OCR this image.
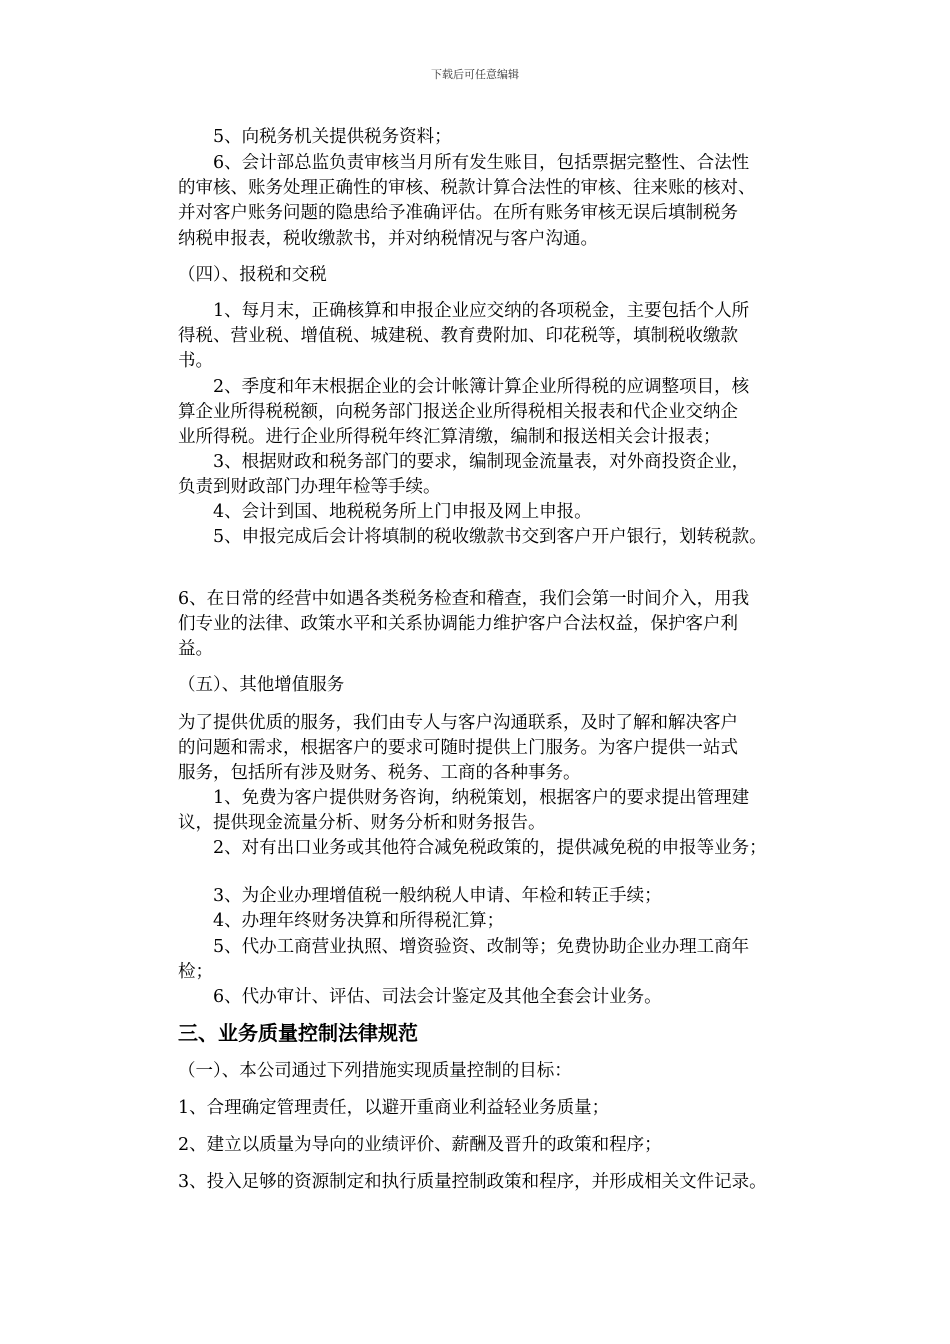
下载后可任意编辑
5、向税务机关提供税务资料；
6、会计部总监负责审核当月所有发生账目，包括票据完整性、合法性
的审核、账务处理正确性的审核、税款计算合法性的审核、往来账的核对、
并对客户账务问题的隐患给予准确评估。在所有账务审核无误后填制税务
纳税申报表，税收缴款书，并对纳税情况与客户沟通。
（四）、报税和交税
1、每月末，正确核算和申报企业应交纳的各项税金，主要包括个人所
得税、营业税、增值税、城建税、教育费附加、印花税等，填制税收缴款
书。
2、季度和年末根据企业的会计帐簿计算企业所得税的应调整项目，核
算企业所得税税额，向税务部门报送企业所得税相关报表和代企业交纳企
业所得税。进行企业所得税年终汇算清缴，编制和报送相关会计报表；
3、根据财政和税务部门的要求，编制现金流量表，对外商投资企业，
负责到财政部门办理年检等手续。
4、会计到国、地税税务所上门申报及网上申报。
5、申报完成后会计将填制的税收缴款书交到客户开户银行，划转税款。
6、在日常的经营中如遇各类税务检查和稽查，我们会第一时间介入，用我
们专业的法律、政策水平和关系协调能力维护客户合法权益，保护客户利
益。
（五）、其他增值服务
为了提供优质的服务，我们由专人与客户沟通联系，及时了解和解决客户
的问题和需求，根据客户的要求可随时提供上门服务。为客户提供一站式
服务，包括所有涉及财务、税务、工商的各种事务。
1、免费为客户提供财务咨询，纳税策划，根据客户的要求提出管理建
议，提供现金流量分析、财务分析和财务报告。
2、对有出口业务或其他符合减免税政策的，提供减免税的申报等业务；
3、为企业办理增值税一般纳税人申请、年检和转正手续；
4、办理年终财务决算和所得税汇算；
5、代办工商营业执照、增资验资、改制等；免费协助企业办理工商年
检；
6、代办审计、评估、司法会计鉴定及其他全套会计业务。
三、业务质量控制法律规范
（一）、本公司通过下列措施实现质量控制的目标：
1、合理确定管理责任，以避开重商业利益轻业务质量；
2、建立以质量为导向的业绩评价、薪酬及晋升的政策和程序；
3、投入足够的资源制定和执行质量控制政策和程序，并形成相关文件记录。
